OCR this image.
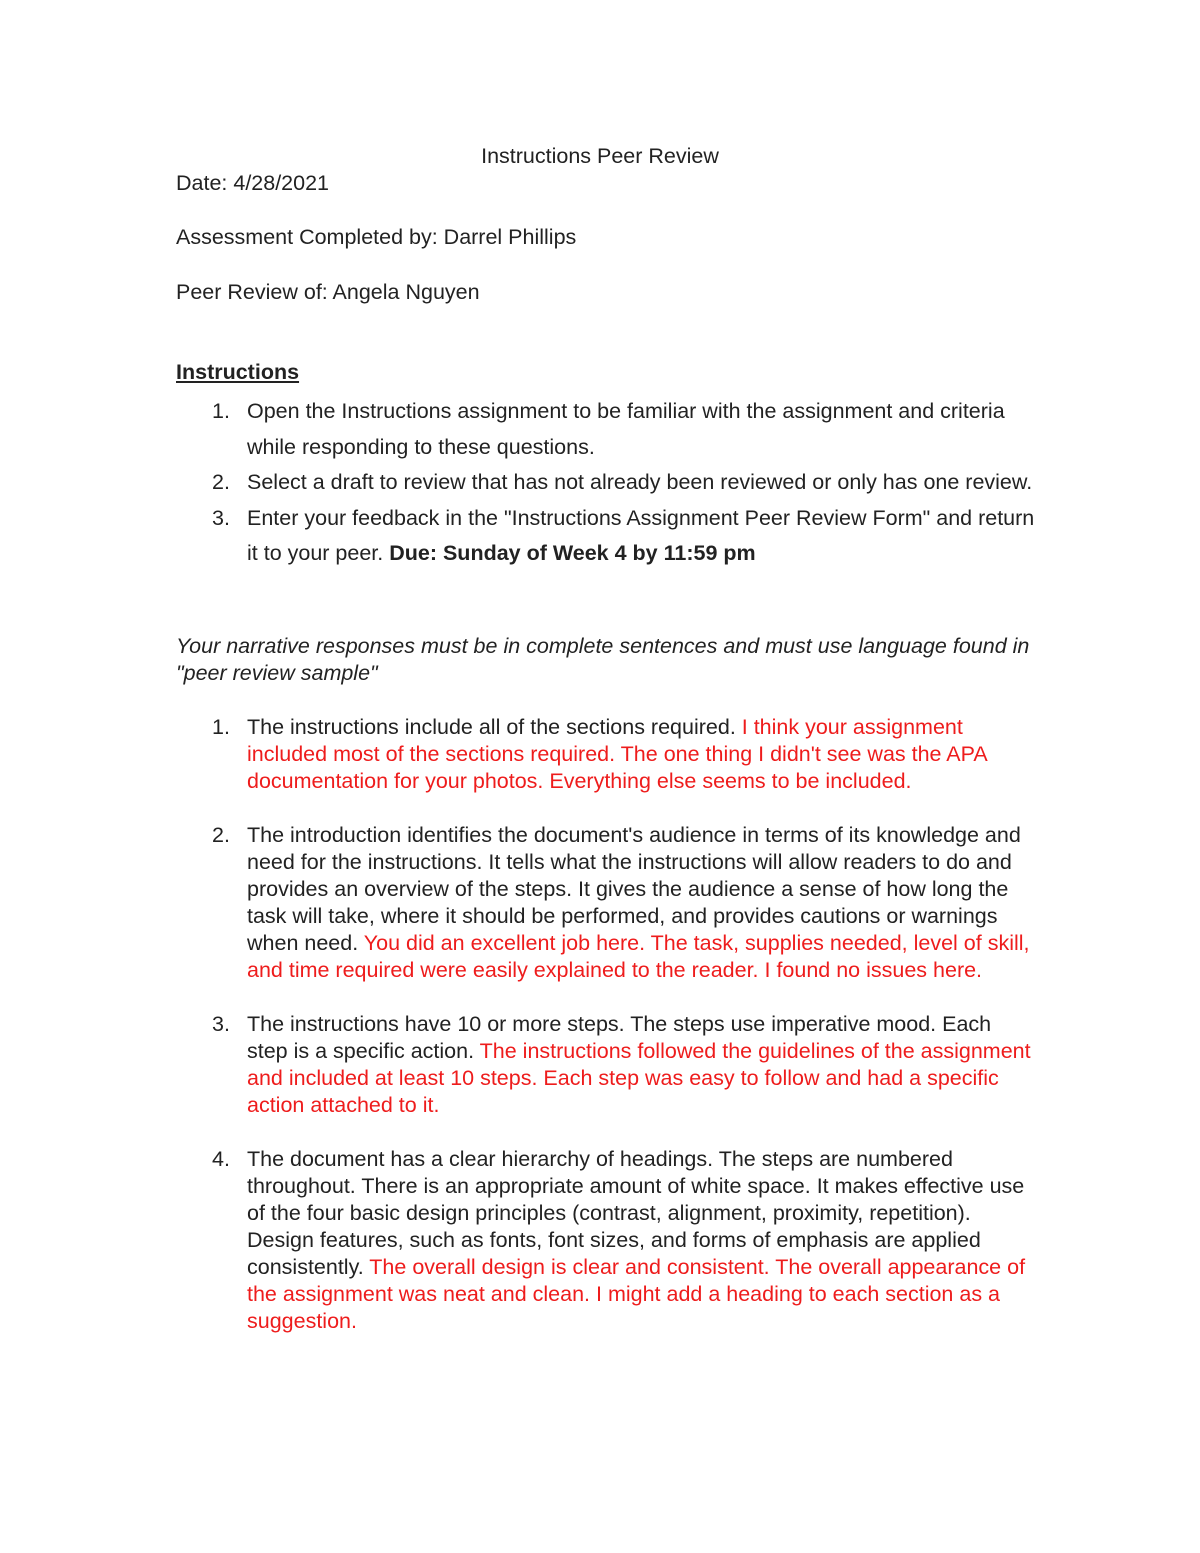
Instructions Peer Review
Date: 4/28/2021
Assessment Completed by: Darrel Phillips
Peer Review of: Angela Nguyen
Instructions
1. Open the Instructions assignment to be familiar with the assignment and criteria while responding to these questions.
2. Select a draft to review that has not already been reviewed or only has one review.
3. Enter your feedback in the "Instructions Assignment Peer Review Form" and return it to your peer. Due: Sunday of Week 4 by 11:59 pm
Your narrative responses must be in complete sentences and must use language found in "peer review sample"
1. The instructions include all of the sections required. I think your assignment included most of the sections required. The one thing I didn't see was the APA documentation for your photos. Everything else seems to be included.
2. The introduction identifies the document's audience in terms of its knowledge and need for the instructions. It tells what the instructions will allow readers to do and provides an overview of the steps. It gives the audience a sense of how long the task will take, where it should be performed, and provides cautions or warnings when need. You did an excellent job here. The task, supplies needed, level of skill, and time required were easily explained to the reader. I found no issues here.
3. The instructions have 10 or more steps. The steps use imperative mood. Each step is a specific action. The instructions followed the guidelines of the assignment and included at least 10 steps. Each step was easy to follow and had a specific action attached to it.
4. The document has a clear hierarchy of headings. The steps are numbered throughout. There is an appropriate amount of white space. It makes effective use of the four basic design principles (contrast, alignment, proximity, repetition). Design features, such as fonts, font sizes, and forms of emphasis are applied consistently. The overall design is clear and consistent. The overall appearance of the assignment was neat and clean. I might add a heading to each section as a suggestion.
